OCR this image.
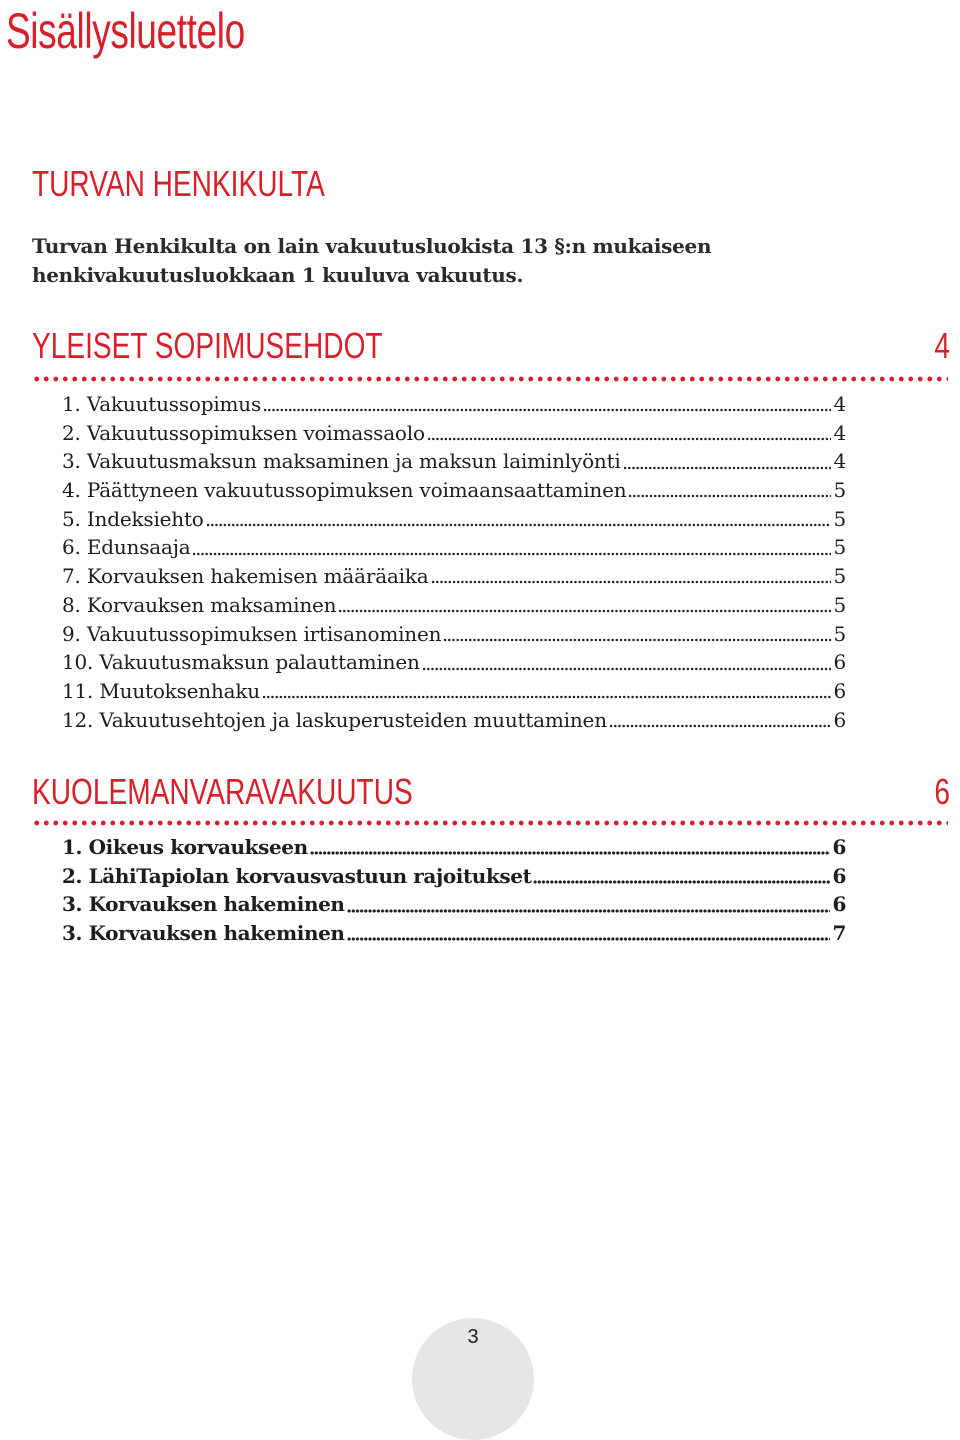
Sisällysluettelo
TURVAN HENKIKULTA
Turvan Henkikulta on lain vakuutusluokista 13 §:n mukaiseen henkivakuutusluokkaan 1 kuuluva vakuutus.
YLEISET SOPIMUSEHDOT	4
1. Vakuutussopimus	4
2. Vakuutussopimuksen voimassaolo	4
3. Vakuutusmaksun maksaminen ja maksun laiminlyönti	4
4. Päättyneen vakuutussopimuksen voimaansaattaminen	5
5. Indeksiehto	5
6. Edunsaaja	5
7. Korvauksen hakemisen määräaika	5
8. Korvauksen maksaminen	5
9. Vakuutussopimuksen irtisanominen	5
10. Vakuutusmaksun palauttaminen	6
11. Muutoksenhaku	6
12. Vakuutusehtojen ja laskuperusteiden muuttaminen	6
KUOLEMANVARAVAKUUTUS	6
1. Oikeus korvaukseen	6
2. LähiTapiolan korvausvastuun rajoitukset	6
3. Korvauksen hakeminen	6
3. Korvauksen hakeminen	7
3
